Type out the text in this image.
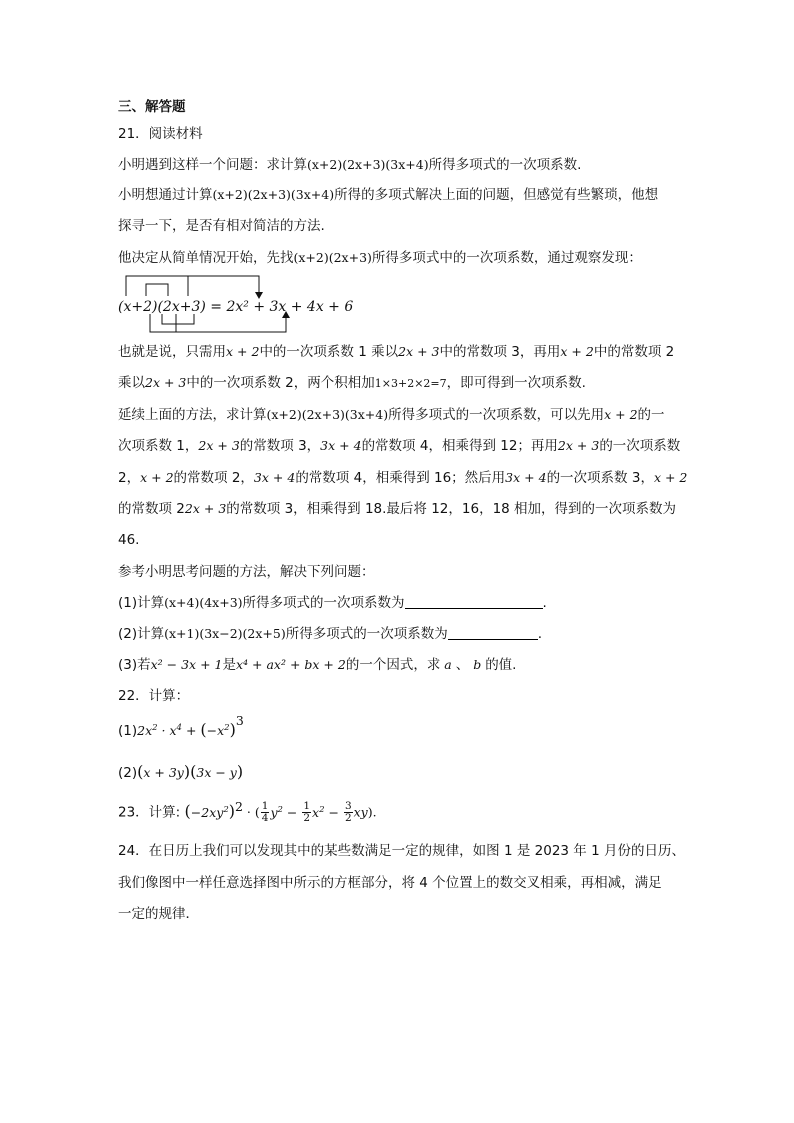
三、解答题
21．阅读材料
小明遇到这样一个问题：求计算(x+2)(2x+3)(3x+4)所得多项式的一次项系数.
小明想通过计算(x+2)(2x+3)(3x+4)所得的多项式解决上面的问题，但感觉有些繁琐，他想
探寻一下，是否有相对简洁的方法.
他决定从简单情况开始，先找(x+2)(2x+3)所得多项式中的一次项系数，通过观察发现：
(x+2)(2x+3) = 2x² + 3x + 4x + 6
也就是说，只需用x + 2中的一次项系数 1 乘以2x + 3中的常数项 3，再用x + 2中的常数项 2
乘以2x + 3中的一次项系数 2，两个积相加1×3+2×2=7，即可得到一次项系数.
延续上面的方法，求计算(x+2)(2x+3)(3x+4)所得多项式的一次项系数，可以先用x + 2的一
次项系数 1，2x + 3的常数项 3，3x + 4的常数项 4，相乘得到 12；再用2x + 3的一次项系数
2，x + 2的常数项 2，3x + 4的常数项 4，相乘得到 16；然后用3x + 4的一次项系数 3，x + 2
的常数项 22x + 3的常数项 3，相乘得到 18.最后将 12，16，18 相加，得到的一次项系数为
46.
参考小明思考问题的方法，解决下列问题：
(1)计算(x+4)(4x+3)所得多项式的一次项系数为	.
(2)计算(x+1)(3x−2)(2x+5)所得多项式的一次项系数为	.
(3)若x² − 3x + 1是x⁴ + ax² + bx + 2的一个因式，求 a 、 b 的值.
22．计算：
$(1)2x^2 \cdot x^4 + (-x^2)^3$
(2)(x + 3y)(3x − y)
23．计算: $(-2xy^2)^2$ · ( $\frac{1}{4} y^2 - \frac{1}{2} x^2 - \frac{3}{2} xy$).
24．在日历上我们可以发现其中的某些数满足一定的规律，如图 1 是 2023 年 1 月份的日历、
我们像图中一样任意选择图中所示的方框部分，将 4 个位置上的数交叉相乘，再相减，满足
一定的规律．
